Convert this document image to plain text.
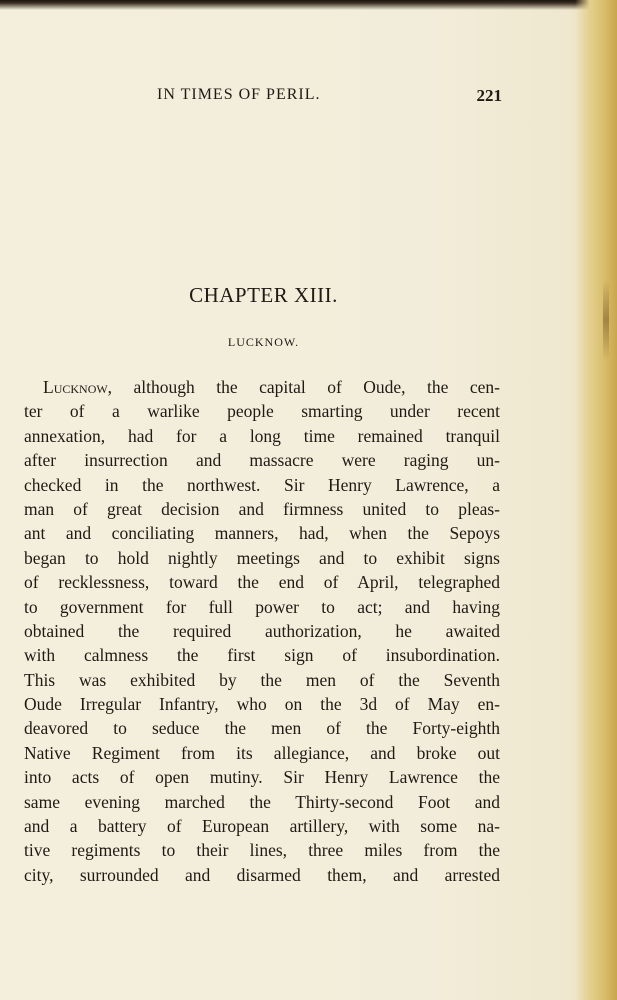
IN TIMES OF PERIL.	221
CHAPTER XIII.
LUCKNOW.
Lucknow, although the capital of Oude, the cen-
ter of a warlike people smarting under recent
annexation, had for a long time remained tranquil
after insurrection and massacre were raging un-
checked in the northwest. Sir Henry Lawrence, a
man of great decision and firmness united to pleas-
ant and conciliating manners, had, when the Sepoys
began to hold nightly meetings and to exhibit signs
of recklessness, toward the end of April, telegraphed
to government for full power to act; and having
obtained the required authorization, he awaited
with calmness the first sign of insubordination.
This was exhibited by the men of the Seventh
Oude Irregular Infantry, who on the 3d of May en-
deavored to seduce the men of the Forty-eighth
Native Regiment from its allegiance, and broke out
into acts of open mutiny. Sir Henry Lawrence the
same evening marched the Thirty-second Foot and
and a battery of European artillery, with some na-
tive regiments to their lines, three miles from the
city, surrounded and disarmed them, and arrested
